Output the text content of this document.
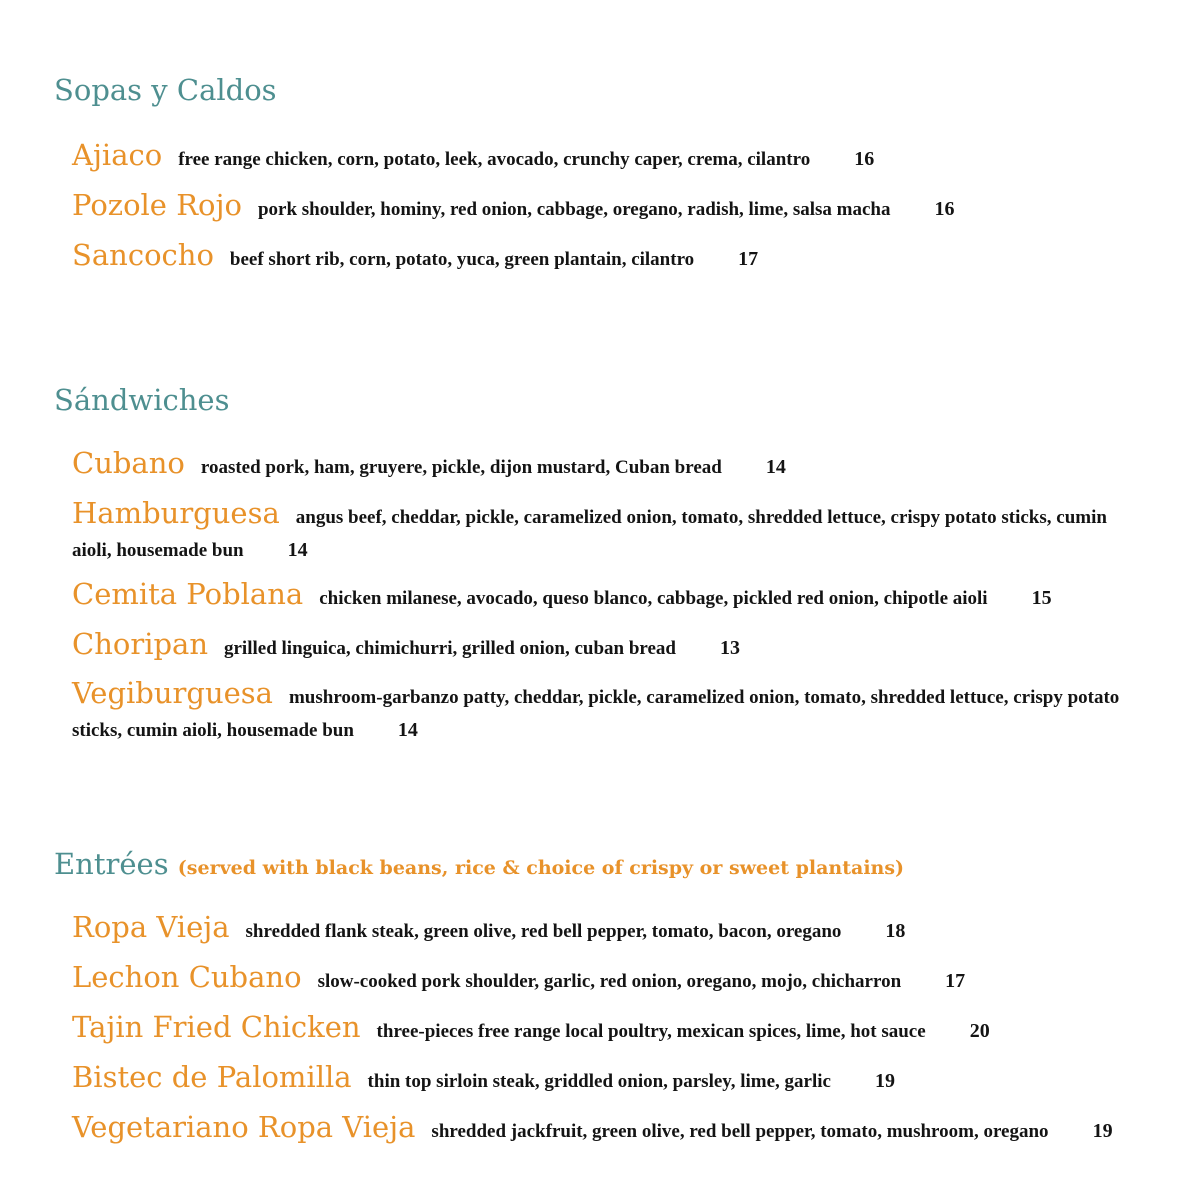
Sopas y Caldos
Ajiaco free range chicken, corn, potato, leek, avocado, crunchy caper, crema, cilantro 16
Pozole Rojo pork shoulder, hominy, red onion, cabbage, oregano, radish, lime, salsa macha 16
Sancocho beef short rib, corn, potato, yuca, green plantain, cilantro 17
Sándwiches
Cubano roasted pork, ham, gruyere, pickle, dijon mustard, Cuban bread 14
Hamburguesa angus beef, cheddar, pickle, caramelized onion, tomato, shredded lettuce, crispy potato sticks, cumin aioli, housemade bun 14
Cemita Poblana chicken milanese, avocado, queso blanco, cabbage, pickled red onion, chipotle aioli 15
Choripan grilled linguica, chimichurri, grilled onion, cuban bread 13
Vegiburguesa mushroom-garbanzo patty, cheddar, pickle, caramelized onion, tomato, shredded lettuce, crispy potato sticks, cumin aioli, housemade bun 14
Entrées (served with black beans, rice & choice of crispy or sweet plantains)
Ropa Vieja shredded flank steak, green olive, red bell pepper, tomato, bacon, oregano 18
Lechon Cubano slow-cooked pork shoulder, garlic, red onion, oregano, mojo, chicharron 17
Tajin Fried Chicken three-pieces free range local poultry, mexican spices, lime, hot sauce 20
Bistec de Palomilla thin top sirloin steak, griddled onion, parsley, lime, garlic 19
Vegetariano Ropa Vieja shredded jackfruit, green olive, red bell pepper, tomato, mushroom, oregano 19
